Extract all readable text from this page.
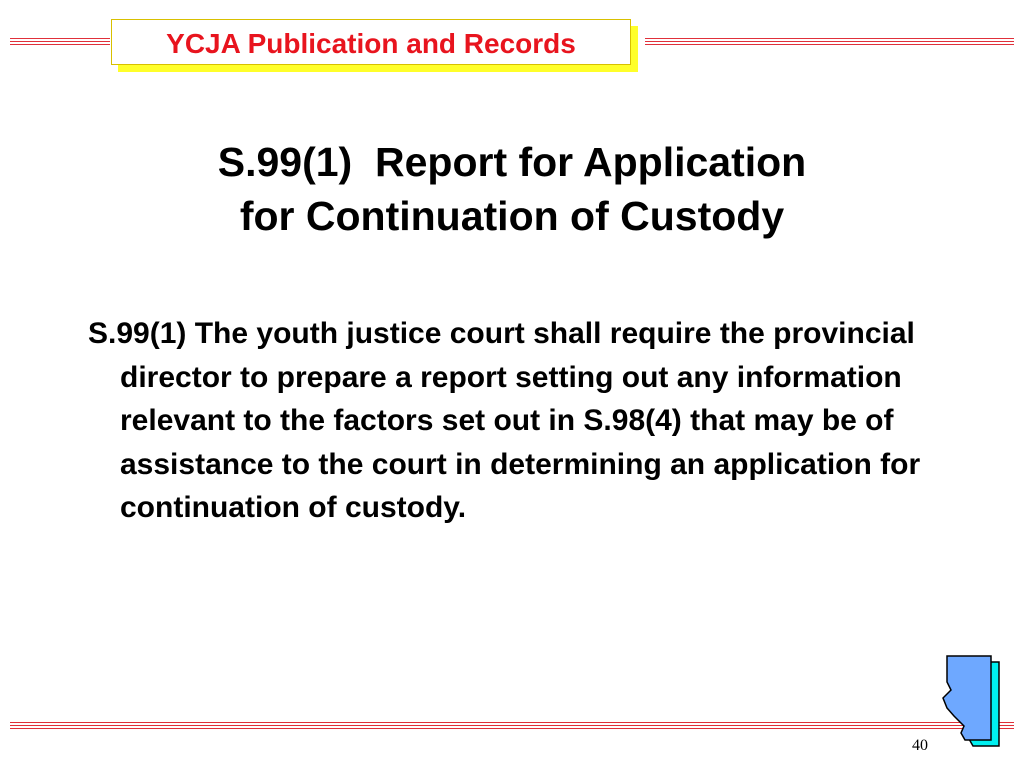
YCJA Publication and Records
S.99(1)  Report for Application
for Continuation of Custody
S.99(1) The youth justice court shall require the provincial director to prepare a report setting out any information relevant to the factors set out in S.98(4) that may be of assistance to the court in determining an application for continuation of custody.
40
